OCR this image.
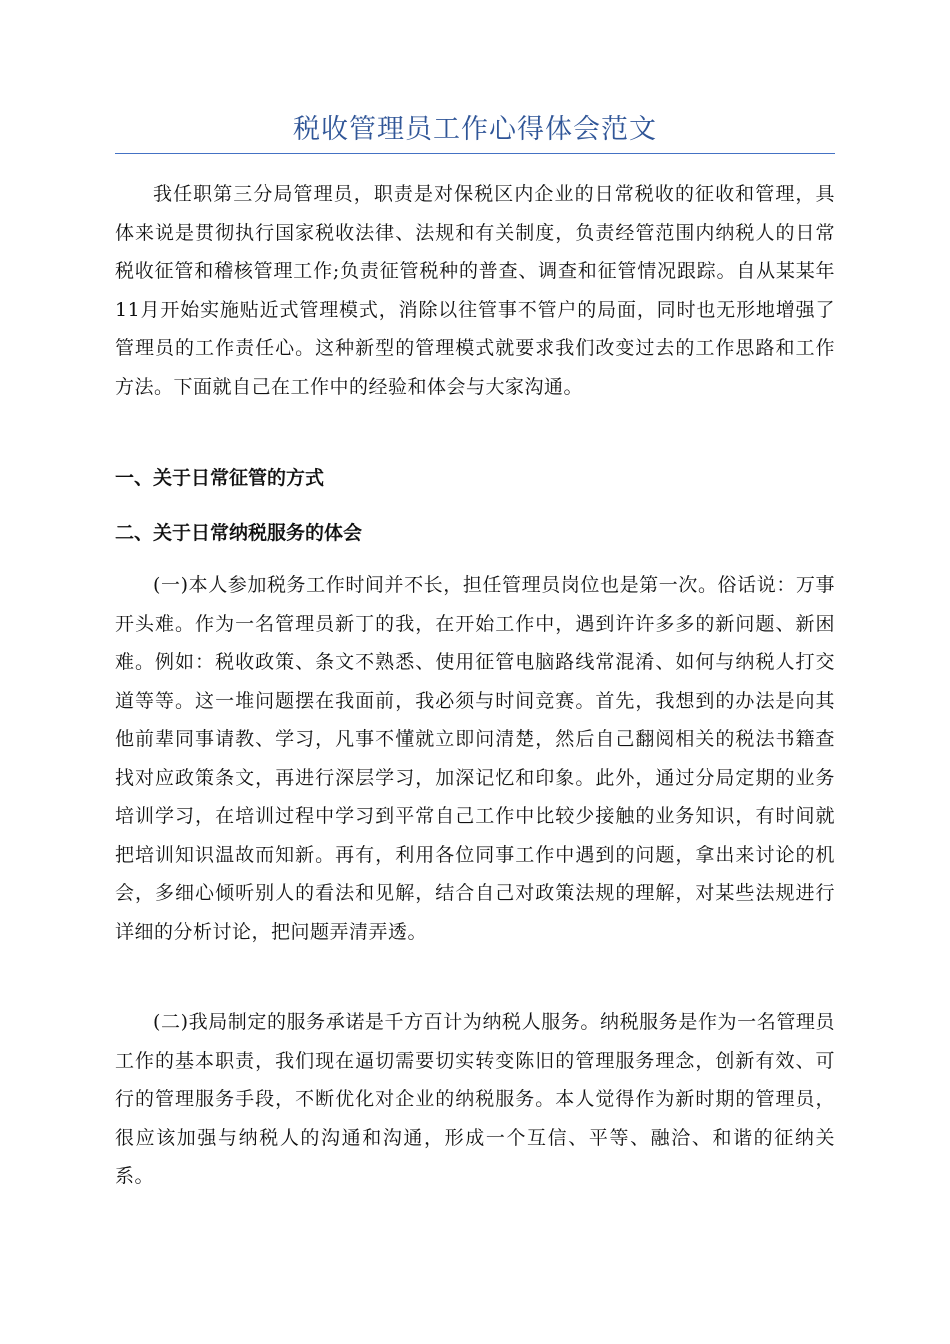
税收管理员工作心得体会范文

我任职第三分局管理员，职责是对保税区内企业的日常税收的征收和管理，具体来说是贯彻执行国家税收法律、法规和有关制度，负责经管范围内纳税人的日常税收征管和稽核管理工作;负责征管税种的普查、调查和征管情况跟踪。自从某某年11月开始实施贴近式管理模式，消除以往管事不管户的局面，同时也无形地增强了管理员的工作责任心。这种新型的管理模式就要求我们改变过去的工作思路和工作方法。下面就自己在工作中的经验和体会与大家沟通。

一、关于日常征管的方式

二、关于日常纳税服务的体会

(一)本人参加税务工作时间并不长，担任管理员岗位也是第一次。俗话说：万事开头难。作为一名管理员新丁的我，在开始工作中，遇到许许多多的新问题、新困难。例如：税收政策、条文不熟悉、使用征管电脑路线常混淆、如何与纳税人打交道等等。这一堆问题摆在我面前，我必须与时间竞赛。首先，我想到的办法是向其他前辈同事请教、学习，凡事不懂就立即问清楚，然后自己翻阅相关的税法书籍查找对应政策条文，再进行深层学习，加深记忆和印象。此外，通过分局定期的业务培训学习，在培训过程中学习到平常自己工作中比较少接触的业务知识，有时间就把培训知识温故而知新。再有，利用各位同事工作中遇到的问题，拿出来讨论的机会，多细心倾听别人的看法和见解，结合自己对政策法规的理解，对某些法规进行详细的分析讨论，把问题弄清弄透。

(二)我局制定的服务承诺是千方百计为纳税人服务。纳税服务是作为一名管理员工作的基本职责，我们现在逼切需要切实转变陈旧的管理服务理念，创新有效、可行的管理服务手段，不断优化对企业的纳税服务。本人觉得作为新时期的管理员，很应该加强与纳税人的沟通和沟通，形成一个互信、平等、融洽、和谐的征纳关系。
